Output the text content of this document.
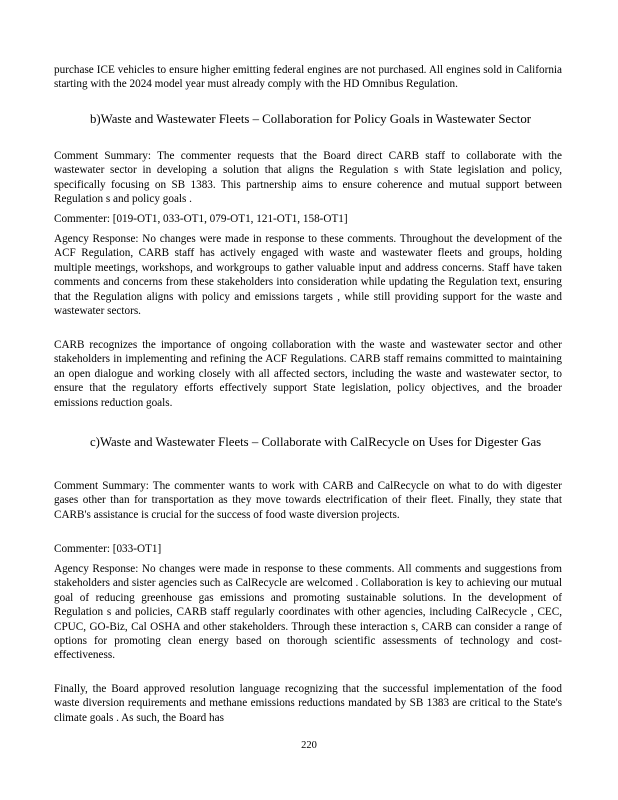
purchase ICE vehicles to ensure higher emitting federal engines are not purchased. All engines sold in California starting with the 2024 model year must already comply with the HD Omnibus Regulation.
b)Waste and Wastewater Fleets – Collaboration for Policy Goals in Wastewater Sector
Comment Summary: The commenter requests that the Board direct CARB staff to collaborate with the wastewater sector in developing a solution that aligns the Regulation s with State legislation and policy, specifically focusing on SB 1383. This partnership aims to ensure coherence and mutual support between Regulation s and policy goals .
Commenter: [019-OT1, 033-OT1, 079-OT1, 121-OT1, 158-OT1]
Agency Response: No changes were made in response to these comments. Throughout the development of the ACF Regulation, CARB staff has actively engaged with waste and wastewater fleets and groups, holding multiple meetings, workshops, and workgroups to gather valuable input and address concerns. Staff have taken comments and concerns from these stakeholders into consideration while updating the Regulation text, ensuring that the Regulation aligns with policy and emissions targets , while still providing support for the waste and wastewater sectors.
CARB recognizes the importance of ongoing collaboration with the waste and wastewater sector and other stakeholders in implementing and refining the ACF Regulations. CARB staff remains committed to maintaining an open dialogue and working closely with all affected sectors, including the waste and wastewater sector, to ensure that the regulatory efforts effectively support State legislation, policy objectives, and the broader emissions reduction goals.
c)Waste and Wastewater Fleets – Collaborate with CalRecycle on Uses for Digester Gas
Comment Summary: The commenter wants to work with CARB and CalRecycle on what to do with digester gases other than for transportation as they move towards electrification of their fleet. Finally, they state that CARB's assistance is crucial for the success of food waste diversion projects.
Commenter: [033-OT1]
Agency Response: No changes were made in response to these comments. All comments and suggestions from stakeholders and sister agencies such as CalRecycle are welcomed . Collaboration is key to achieving our mutual goal of reducing greenhouse gas emissions and promoting sustainable solutions. In the development of Regulation s and policies, CARB staff regularly coordinates with other agencies, including CalRecycle , CEC, CPUC, GO-Biz, Cal OSHA and other stakeholders. Through these interaction s, CARB can consider a range of options for promoting clean energy based on thorough scientific assessments of technology and cost-effectiveness.
Finally, the Board approved resolution language recognizing that the successful implementation of the food waste diversion requirements and methane emissions reductions mandated by SB 1383 are critical to the State's climate goals . As such, the Board has
220
